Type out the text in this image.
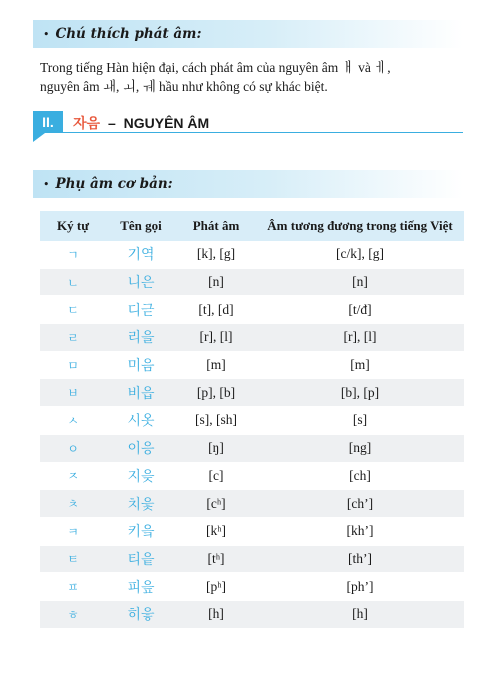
• Chú thích phát âm:
Trong tiếng Hàn hiện đại, cách phát âm của nguyên âm ㅐ và ㅔ,
nguyên âm ㅙ, ㅚ, ㅞ hầu như không có sự khác biệt.
II.	자음 – NGUYÊN ÂM
• Phụ âm cơ bản:
Ký tự	Tên gọi	Phát âm	Âm tương đương trong tiếng Việt
ㄱ	기역	[k], [g]	[c/k], [g]
ㄴ	니은	[n]	[n]
ㄷ	디귿	[t], [d]	[t/đ]
ㄹ	리을	[r], [l]	[r], [l]
ㅁ	미음	[m]	[m]
ㅂ	비읍	[p], [b]	[b], [p]
ㅅ	시옷	[s], [sh]	[s]
ㅇ	이응	[ŋ]	[ng]
ㅈ	지읒	[c]	[ch]
ㅊ	치읓	[cʰ]	[ch’]
ㅋ	키읔	[kʰ]	[kh’]
ㅌ	티읕	[tʰ]	[th’]
ㅍ	피읖	[pʰ]	[ph’]
ㅎ	히읗	[h]	[h]
